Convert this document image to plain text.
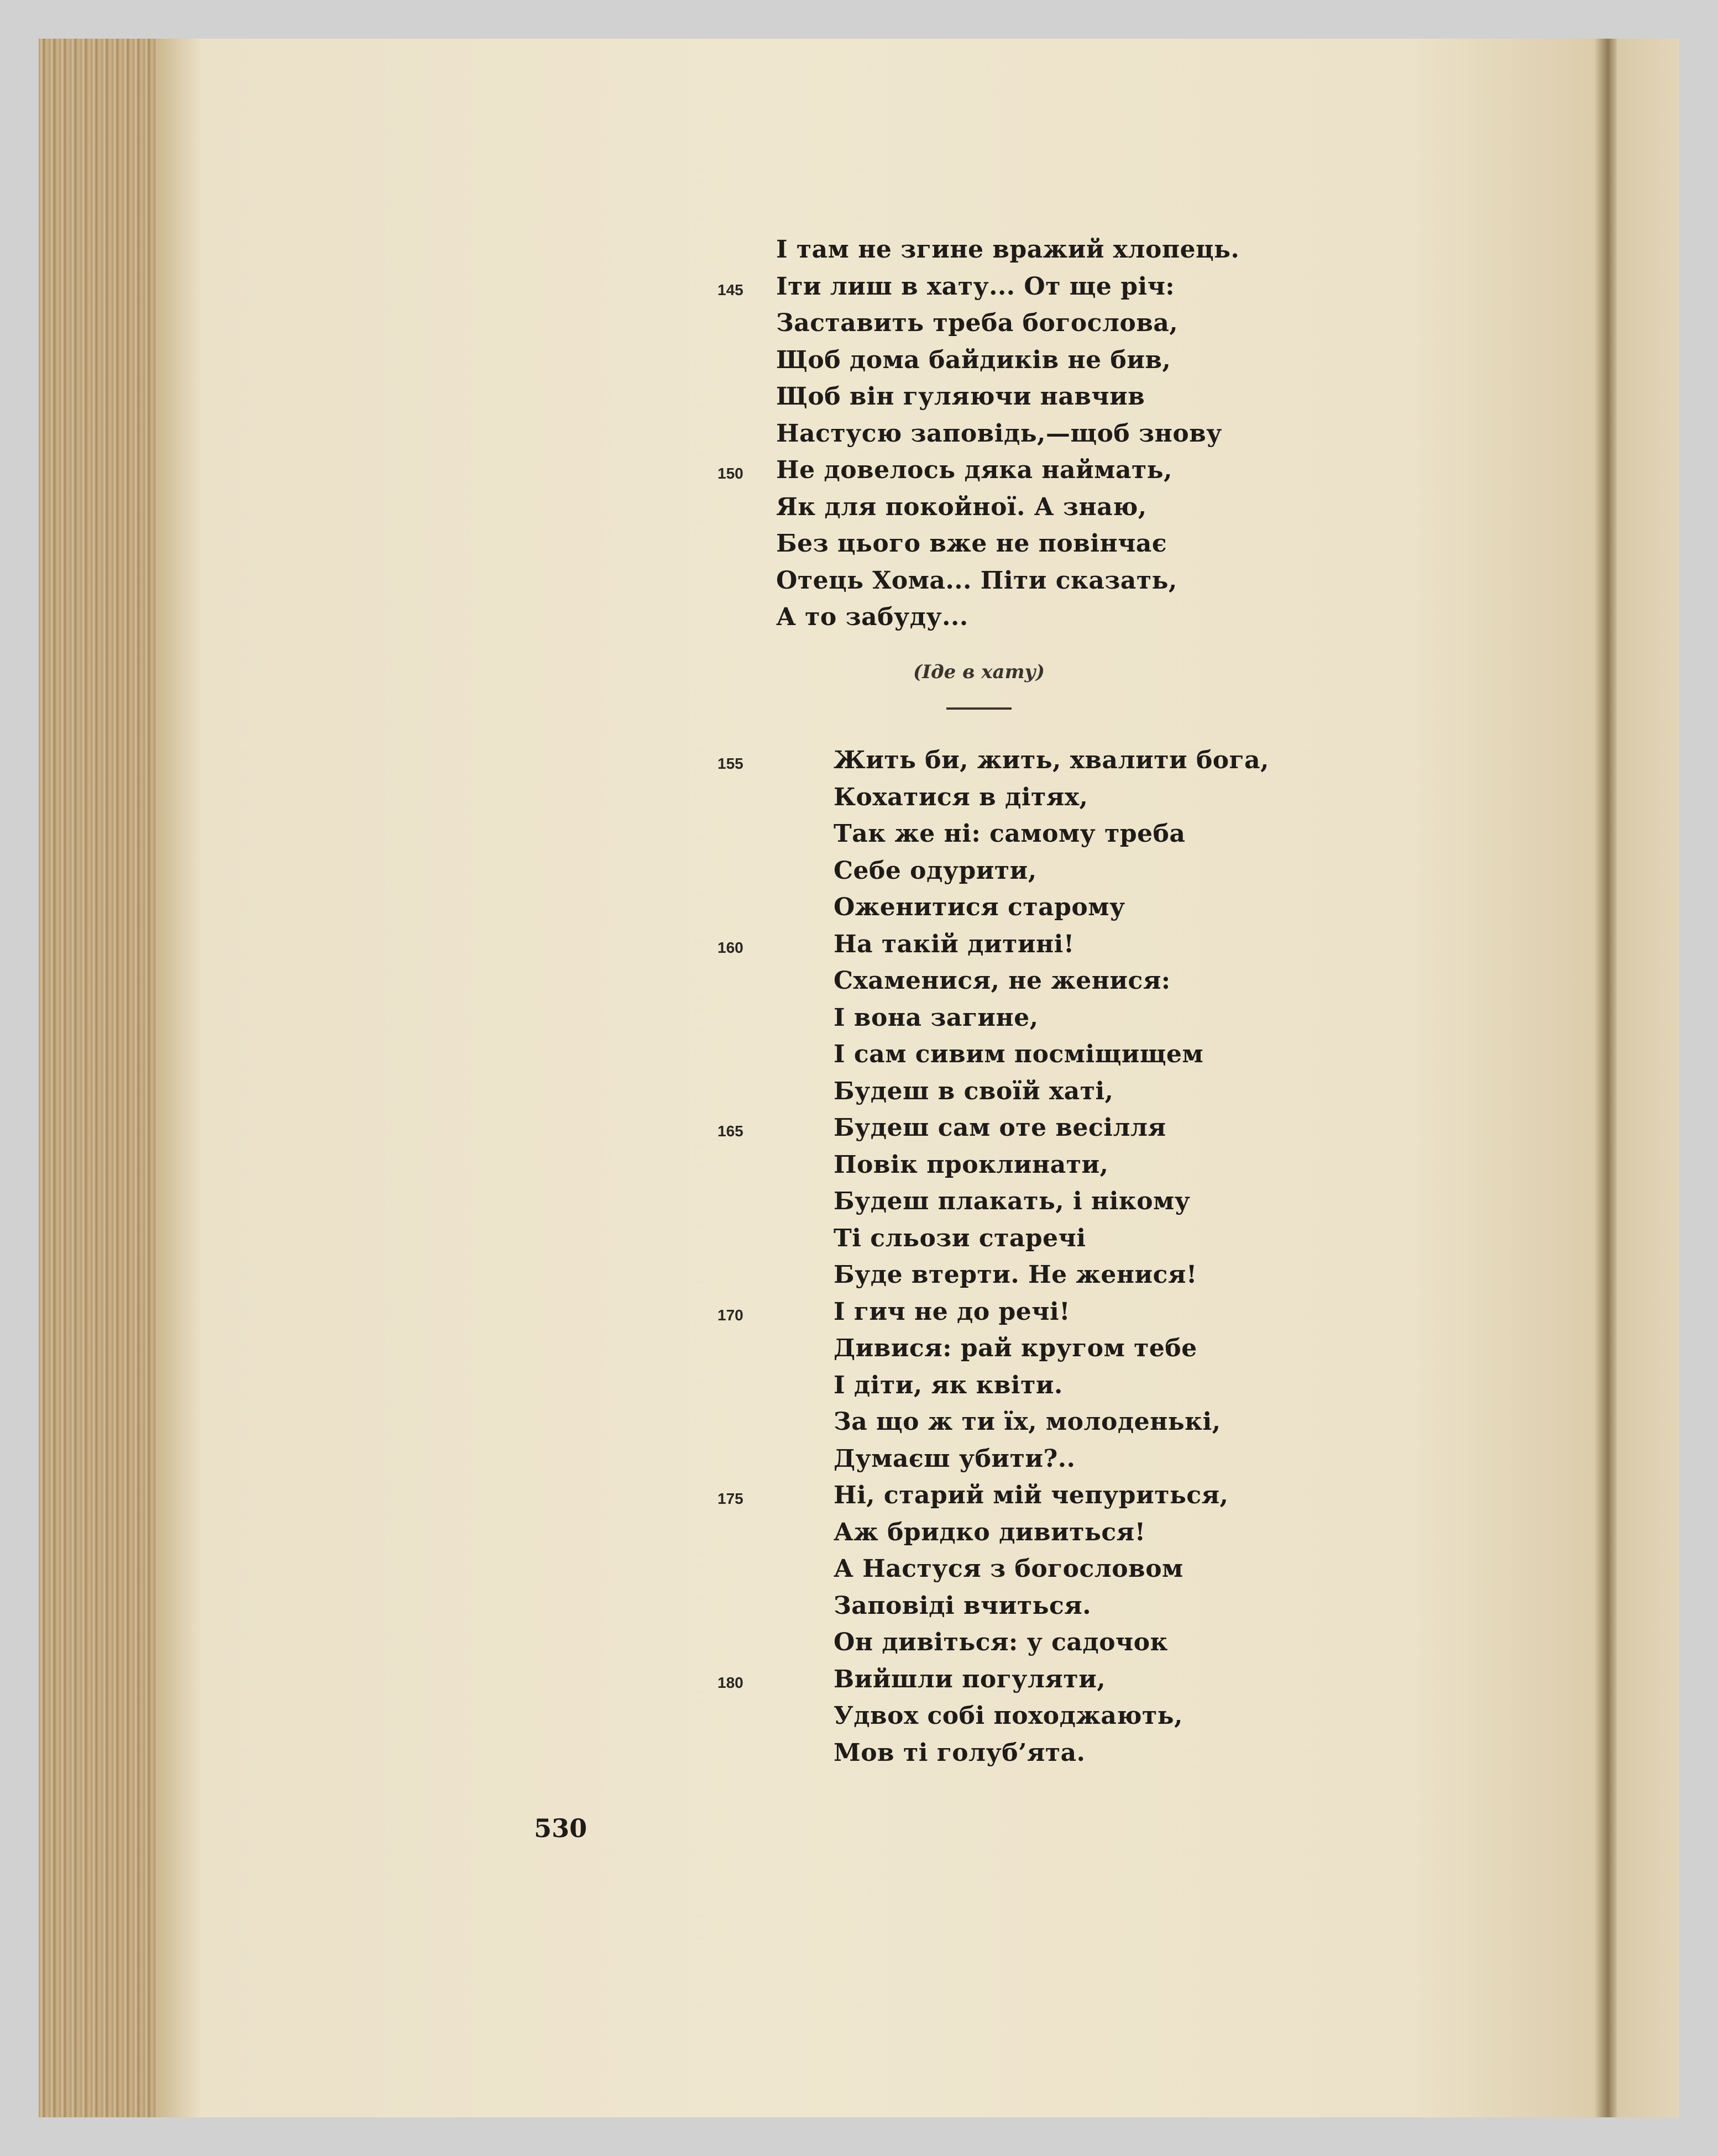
І там не згине вражий хлопець.
Іти лиш в хату... От ще річ:
145
Заставить треба богослова,
Щоб дома байдиків не бив,
Щоб він гуляючи навчив
Настусю заповідь,—щоб знову
Не довелось дяка наймать,
150
Як для покойної. А знаю,
Без цього вже не повінчає
Отець Хома... Піти сказать,
А то забуду...
Жить би, жить, хвалити бога,
155
Кохатися в дітях,
Так же ні: самому треба
Себе одурити,
Оженитися старому
На такій дитині!
160
Схаменися, не женися:
І вона загине,
І сам сивим посміщищем
Будеш в своїй хаті,
Будеш сам оте весілля
165
Повік проклинати,
Будеш плакать, і нікому
Ті сльози старечі
Буде втерти. Не женися!
І гич не до речі!
170
Дивися: рай кругом тебе
І діти, як квіти.
За що ж ти їх, молоденькі,
Думаєш убити?..
Ні, старий мій чепуриться,
175
Аж бридко дивиться!
А Настуся з богословом
Заповіді вчиться.
Он дивіться: у садочок
Вийшли погуляти,
180
Удвох собі походжають,
Мов ті голуб’ята.
(Іде в хату)
530
